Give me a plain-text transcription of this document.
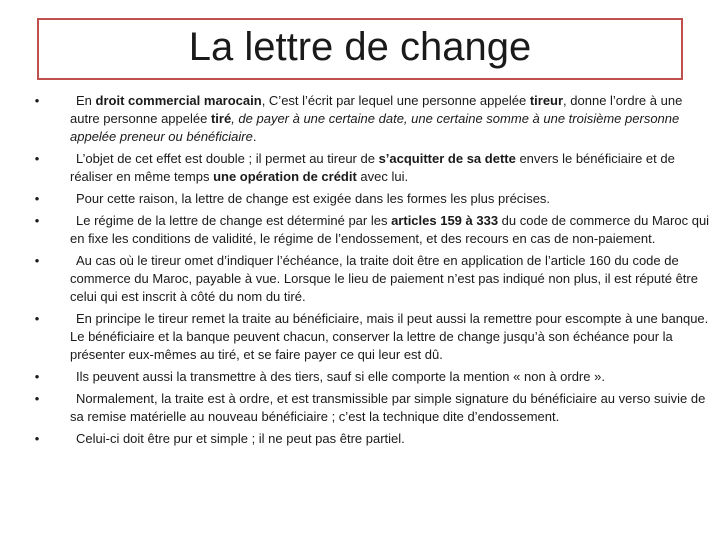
La lettre de change
•	En droit commercial marocain, C’est l’écrit par lequel une personne appelée tireur, donne l’ordre à une autre personne appelée tiré, de payer à une certaine date, une certaine somme à une troisième personne appelée preneur ou bénéficiaire.
•	L’objet de cet effet est double ; il permet au tireur de s’acquitter de sa dette envers le bénéficiaire et de réaliser en même temps une opération de crédit avec lui.
•	Pour cette raison, la lettre de change est exigée dans les formes les plus précises.
•	Le régime de la lettre de change est déterminé par les articles 159 à 333 du code de commerce du Maroc qui en fixe les conditions de validité, le régime de l’endossement, et des recours en cas de non-paiement.
•	Au cas où le tireur omet d’indiquer l’échéance, la traite doit être en application de l’article 160 du code de commerce du Maroc, payable à vue. Lorsque le lieu de paiement n’est pas indiqué non plus, il est réputé être celui qui est inscrit à côté du nom du tiré.
•	En principe le tireur remet la traite au bénéficiaire, mais il peut aussi la remettre pour escompte à une banque. Le bénéficiaire et la banque peuvent chacun, conserver la lettre de change jusqu’à son échéance pour la présenter eux-mêmes au tiré, et se faire payer ce qui leur est dû.
•	Ils peuvent aussi la transmettre à des tiers, sauf si elle comporte la mention « non à ordre ».
•	Normalement, la traite est à ordre, et est transmissible par simple signature du bénéficiaire au verso suivie de sa remise matérielle au nouveau bénéficiaire ; c’est la technique dite d’endossement.
•	Celui-ci doit être pur et simple ; il ne peut pas être partiel.
